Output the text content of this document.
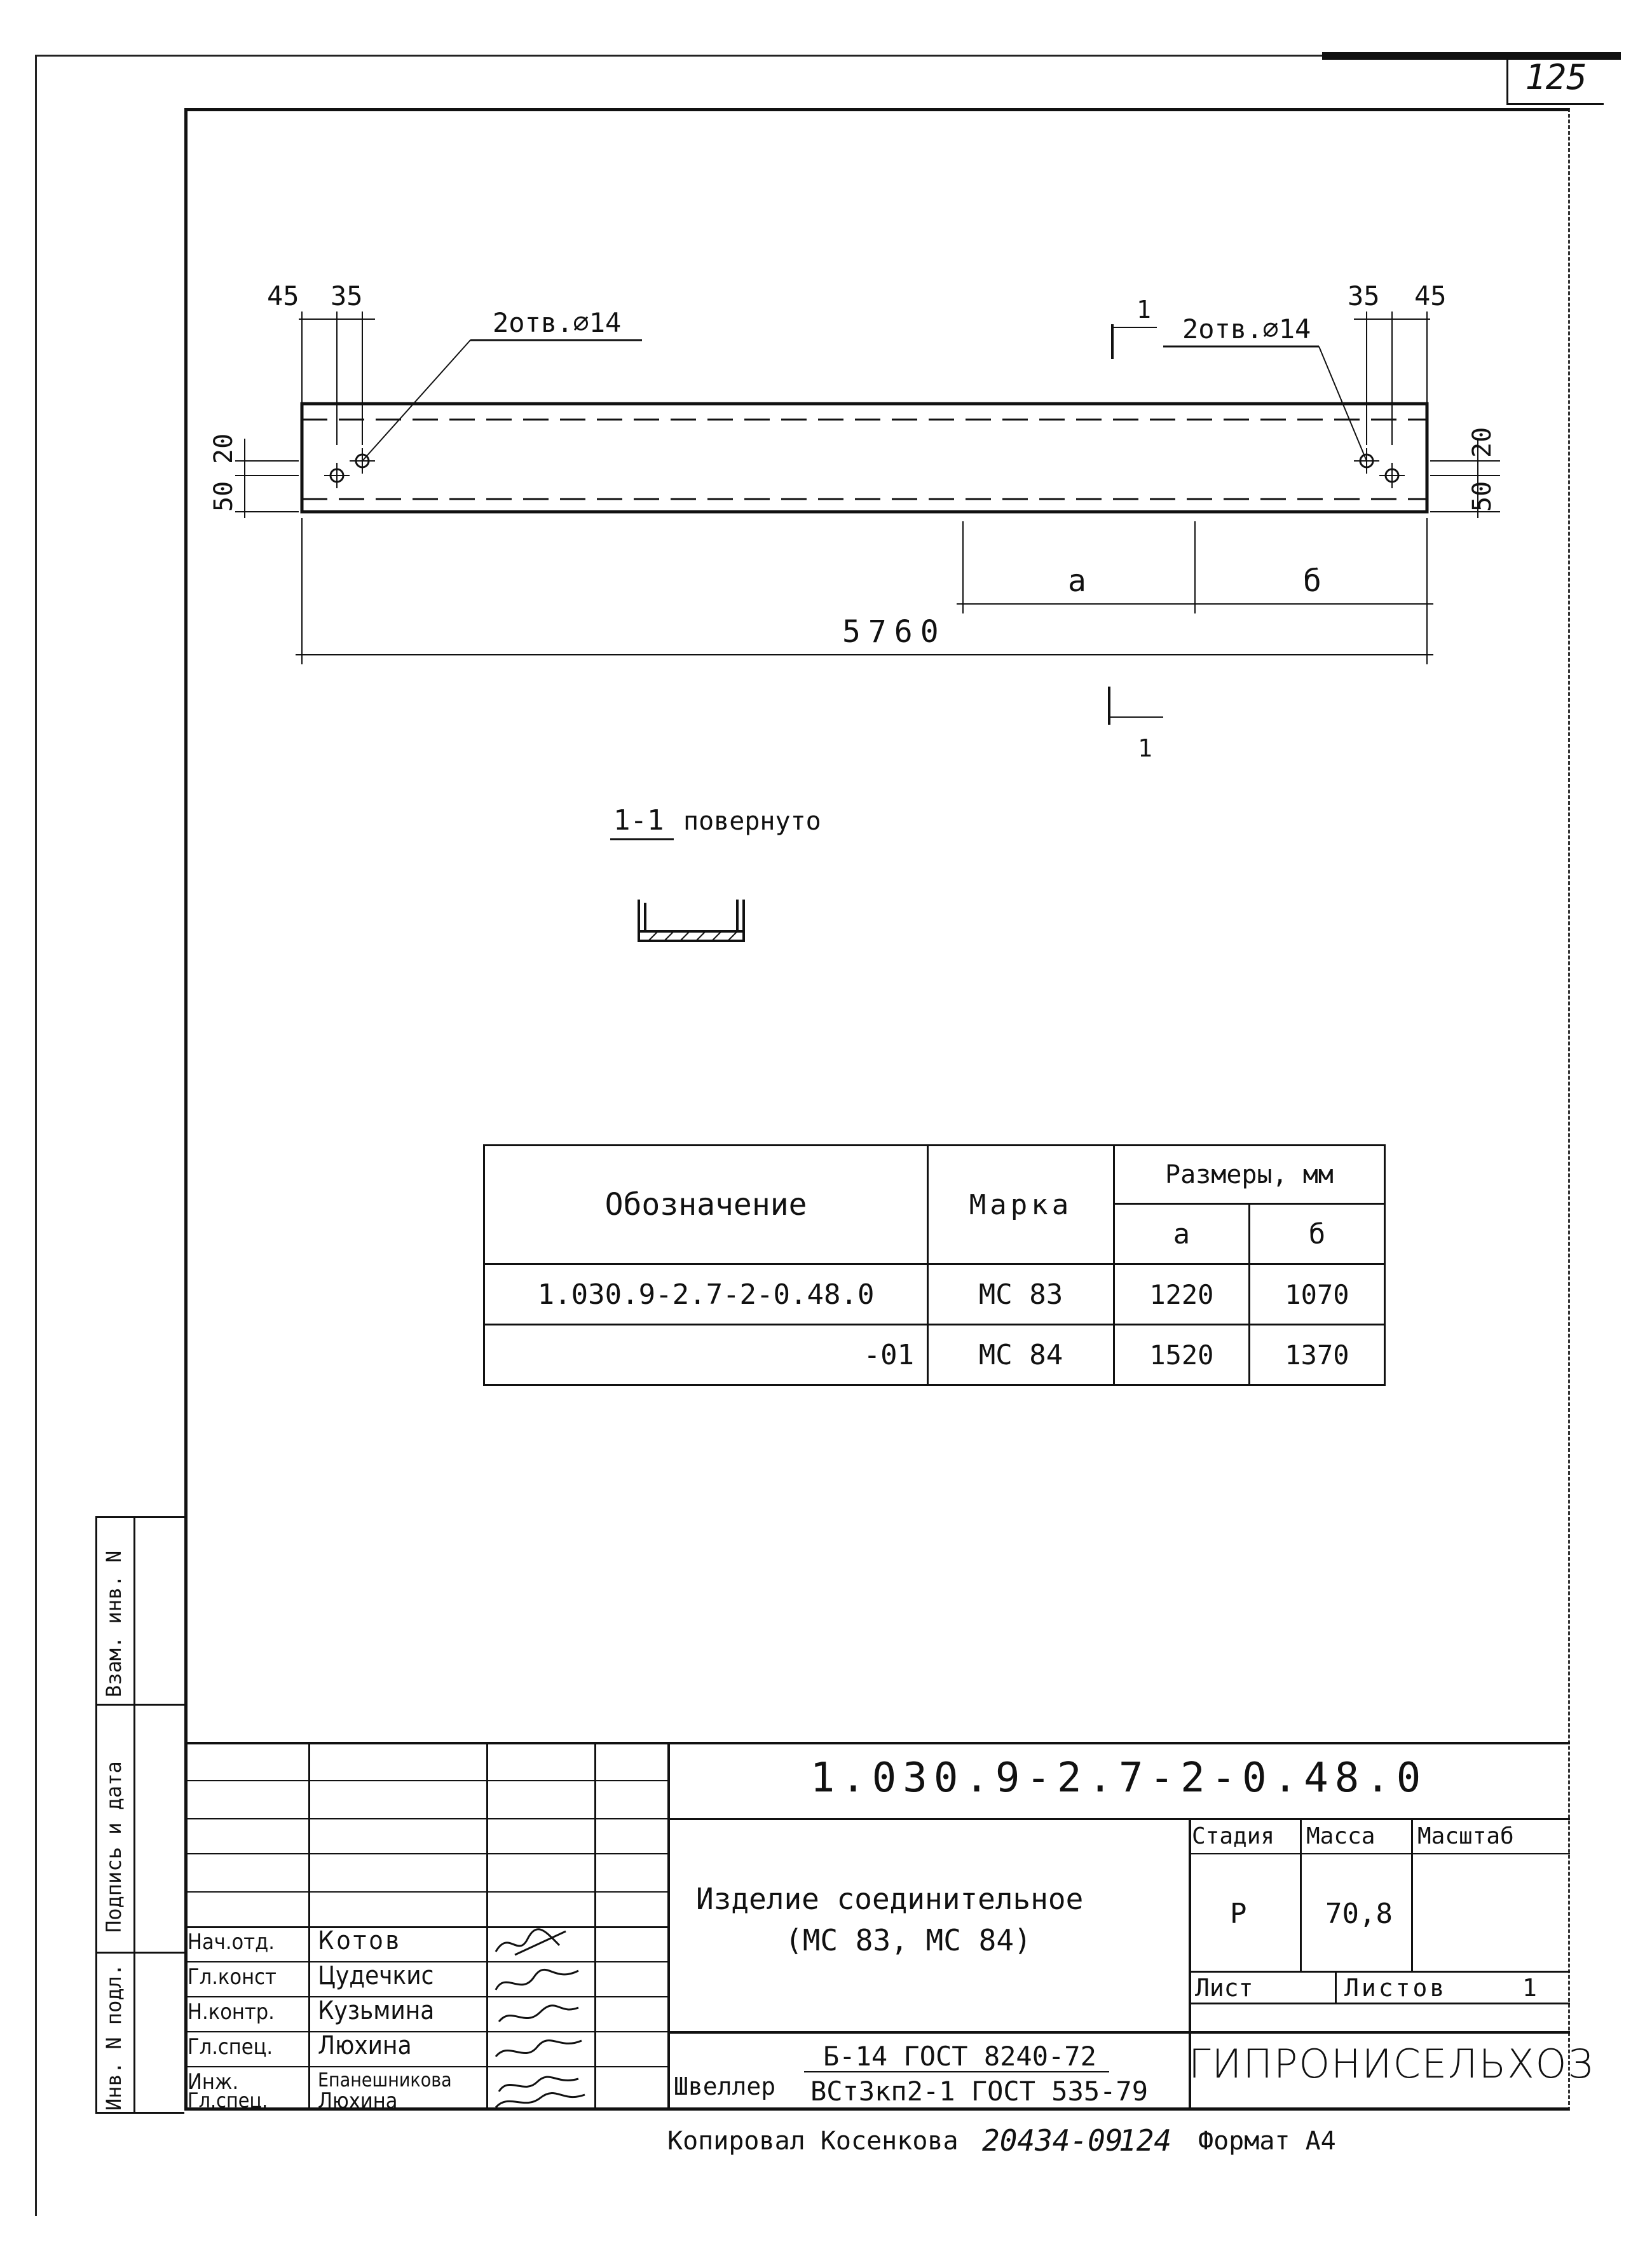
125
45 35
2отв.⌀14
35 45
2отв.⌀14
1
20
50
20
50
а	б
5760
1
1-1 повернуто
Обозначение	Марка	Размеры, мм	
		а	б
1.030.9-2.7-2-0.48.0	МС 83	1220	1070
-01	МС 84	1520	1370
Взам. инв. N
Подпись и дата
Инв. N подл.
Нач.отд. Котов
Гл.конст Цудечкис
Н.контр. Кузьмина
Гл.спец. Люхина
Инж.	Епанешникова
Гл.спец. Люхина
1.030.9-2.7-2-0.48.0
Изделие соединительное
(МС 83, МС 84)
Стадия Масса Масштаб
Р	70,8
Лист	Листов	1
Швеллер
Б-14 ГОСТ 8240-72
ВСт3кп2-1 ГОСТ 535-79
ГИПРОНИСЕЛЬХОЗ
Копировал Косенкова 20434-09
124 Формат А4
